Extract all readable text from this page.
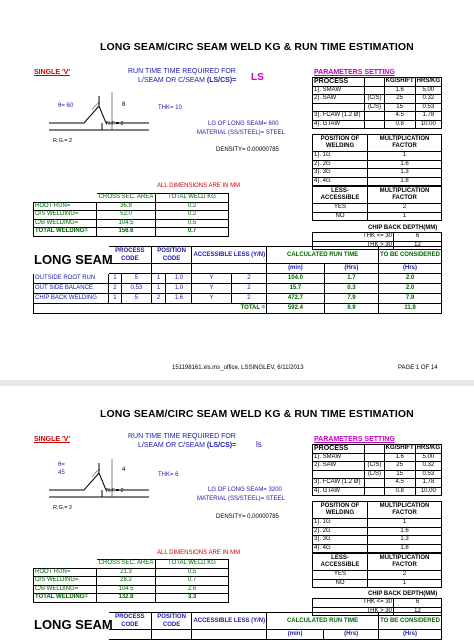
LONG SEAM/CIRC SEAM WELD KG & RUN TIME ESTIMATION
SINGLE 'V'	RUN TIME TIME REQUIRED FOR
L/SEAM OR C/SEAM (LS/CS)= LS
θ= 60	8	THK= 10
R.G.= 2
R.F.= 2	LG OF LONG SEAM= 600
MATERIAL (SS/STEEL)= STEEL
DENSITY= 0.00000785
ALL DIMENSIONS ARE IN MM
PARAMETERS SETTING
PROCESS		KG/SHIFT	HRS/KG
1). SMAW		1.6	5.00
2). SAW	(C/S)	25	0.32
	(L/S)	15	0.53
3). FCAW (1.2 Ø)		4.5	1.78
4). GTAW		0.8	10.00
POSITION OF WELDING	MULTIPLICATION FACTOR
1). 1G	1
2). 2G	1.6
3). 3G	1.3
4). 4G	1.8
LESS-ACCESSIBLE	MULTIPLICATION FACTOR
YES	2
NO	1
CHIP BACK DEPTH(MM)
THK <= 30	6
THK > 30	12
	CROSS SEC. AREA	TOTAL WELD KG
ROOT RUN=	36.8	0.2
O/S WELDING=	52.0	0.2
C/B WELDING=	104.5	0.5
TOTAL WELDING=	156.6	0.7
LONG SEAM
	PROCESS CODE		POSITION CODE		ACCESSIBLE LESS (Y/N)		CALCULATED RUN TIME		TO BE CONSIDERED
							(min)	(Hrs)	(Hrs)
OUTSIDE ROOT RUN	1	5	1	1.0	Y	2	104.0	1.7	2.0
OUT SIDE BALANCE	2	0.53	1	1.0	Y	2	15.7	0.3	2.0
CHIP BACK WELDING	1	5	2	1.6	Y	2	472.7	7.9	7.9
TOTAL =							592.4	9.9	11.9
151198161.xls.ms_office, LSSINGLEV, 6/11/2013	PAGE 1 OF 14
LONG SEAM/CIRC SEAM WELD KG & RUN TIME ESTIMATION
SINGLE 'V'	RUN TIME TIME REQUIRED FOR
L/SEAM OR C/SEAM (LS/CS)= ls
θ=
45	4
THK= 6
R.G.= 2
R.F.= 2	LG OF LONG SEAM= 3200
MATERIAL (SS/STEEL)= STEEL
DENSITY= 0.00000785
ALL DIMENSIONS ARE IN MM
PARAMETERS SETTING
PROCESS		KG/SHIFT	HRS/KG
1). SMAW		1.6	5.00
2). SAW	(C/S)	25	0.32
	(L/S)	15	0.53
3). FCAW (1.2 Ø)		4.5	1.78
4). GTAW		0.8	10.00
POSITION OF WELDING	MULTIPLICATION FACTOR
1). 1G	1
2). 2G	1.6
3). 3G	1.3
4). 4G	1.8
LESS-ACCESSIBLE	MULTIPLICATION FACTOR
YES	2
NO	1
CHIP BACK DEPTH(MM)
THK <= 30	6
THK > 30	12
	CROSS SEC. AREA	TOTAL WELD KG
ROOT RUN=	21.3	0.5
O/S WELDING=	28.2	0.7
C/B WELDING=	104.5	2.6
TOTAL WELDING=	132.8	3.3
LONG SEAM
	PROCESS CODE	POSITION CODE	ACCESSIBLE LESS (Y/N)	CALCULATED RUN TIME		TO BE CONSIDERED
				(min)	(Hrs)	(Hrs)
